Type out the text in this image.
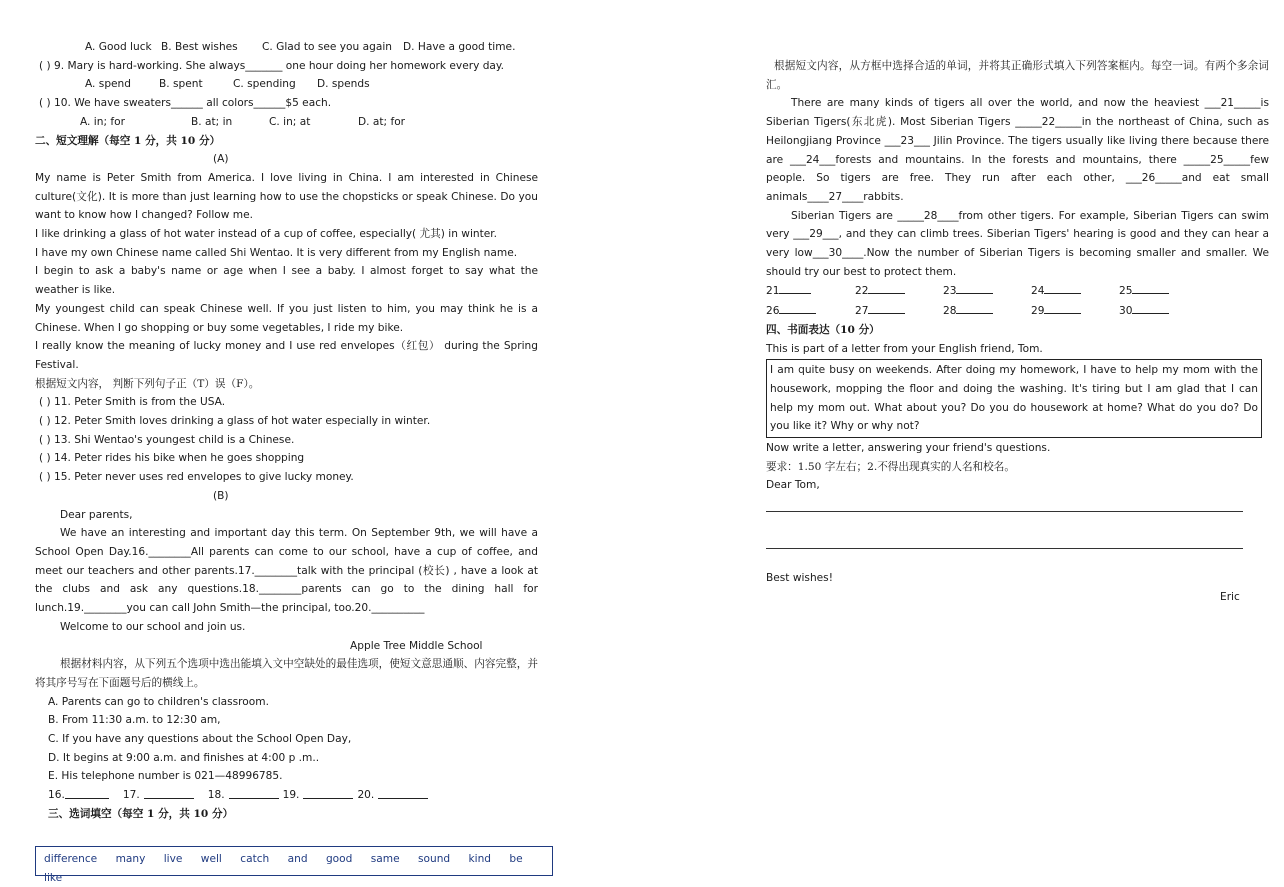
A. Good luck B. Best wishes	C. Glad to see you again	D. Have a good time.
( ) 9. Mary is hard-working. She always_______ one hour doing her homework every day.
A. spend	B. spent	C. spending	D. spends
( ) 10. We have sweaters______ all colors______$5 each.
A. in; for	B. at; in	C. in; at	D. at; for
二、短文理解（每空 1 分，共 10 分）
(A)
My name is Peter Smith from America. I love living in China. I am interested in Chinese culture(文化). It is more than just learning how to use the chopsticks or speak Chinese. Do you want to know how I changed? Follow me.
I like drinking a glass of hot water instead of a cup of coffee, especially( 尤其) in winter.
I have my own Chinese name called Shi Wentao. It is very different from my English name.
I begin to ask a baby's name or age when I see a baby. I almost forget to say what the weather is like.
My youngest child can speak Chinese well. If you just listen to him, you may think he is a Chinese. When I go shopping or buy some vegetables, I ride my bike.
I really know the meaning of lucky money and I use red envelopes（红包） during the Spring Festival.
根据短文内容， 判断下列句子正（T）误（F）。
( ) 11. Peter Smith is from the USA.
( ) 12. Peter Smith loves drinking a glass of hot water especially in winter.
( ) 13. Shi Wentao's youngest child is a Chinese.
( ) 14. Peter rides his bike when he goes shopping
( ) 15. Peter never uses red envelopes to give lucky money.
(B)
Dear parents,
We have an interesting and important day this term. On September 9th, we will have a School Open Day.16.________All parents can come to our school, have a cup of coffee, and meet our teachers and other parents.17.________talk with the principal (校长) , have a look at the clubs and ask any questions.18.________parents can go to the dining hall for lunch.19.________you can call John Smith—the principal, too.20.__________
Welcome to our school and join us.
Apple Tree Middle School
根据材料内容，从下列五个选项中选出能填入文中空缺处的最佳选项，使短文意思通顺、内容完整，并将其序号写在下面题号后的横线上。
A. Parents can go to children's classroom.
B. From 11:30 a.m. to 12:30 am,
C. If you have any questions about the School Open Day,
D. It begins at 9:00 a.m. and finishes at 4:00 p .m..
E. His telephone number is 021—48996785.
16.	17.	18.	19.	20.
三、选词填空（每空 1 分，共 10 分）
difference many live well catch and good same sound kind be like
根据短文内容，从方框中选择合适的单词，并将其正确形式填入下列答案框内。每空一词。有两个多余词汇。
There are many kinds of tigers all over the world, and now the heaviest ___21_____is Siberian Tigers(东北虎). Most Siberian Tigers _____22_____in the northeast of China, such as Heilongjiang Province ___23___ Jilin Province. The tigers usually like living there because there are ___24___forests and mountains. In the forests and mountains, there _____25_____few people. So tigers are free. They run after each other, ___26_____and eat small animals____27____rabbits.
Siberian Tigers are _____28____from other tigers. For example, Siberian Tigers can swim very ___29___, and they can climb trees. Siberian Tigers' hearing is good and they can hear a very low___30____.Now the number of Siberian Tigers is becoming smaller and smaller. We should try our best to protect them.
21	22	23	24	25
26	27	28	29	30
四、书面表达（10 分）
This is part of a letter from your English friend, Tom.
I am quite busy on weekends. After doing my homework, I have to help my mom with the housework, mopping the floor and doing the washing. It's tiring but I am glad that I can help my mom out. What about you? Do you do housework at home? What do you do? Do you like it? Why or why not?
Now write a letter, answering your friend's questions.
要求：1.50 字左右；2.不得出现真实的人名和校名。
Dear Tom,
Best wishes!
Eric
